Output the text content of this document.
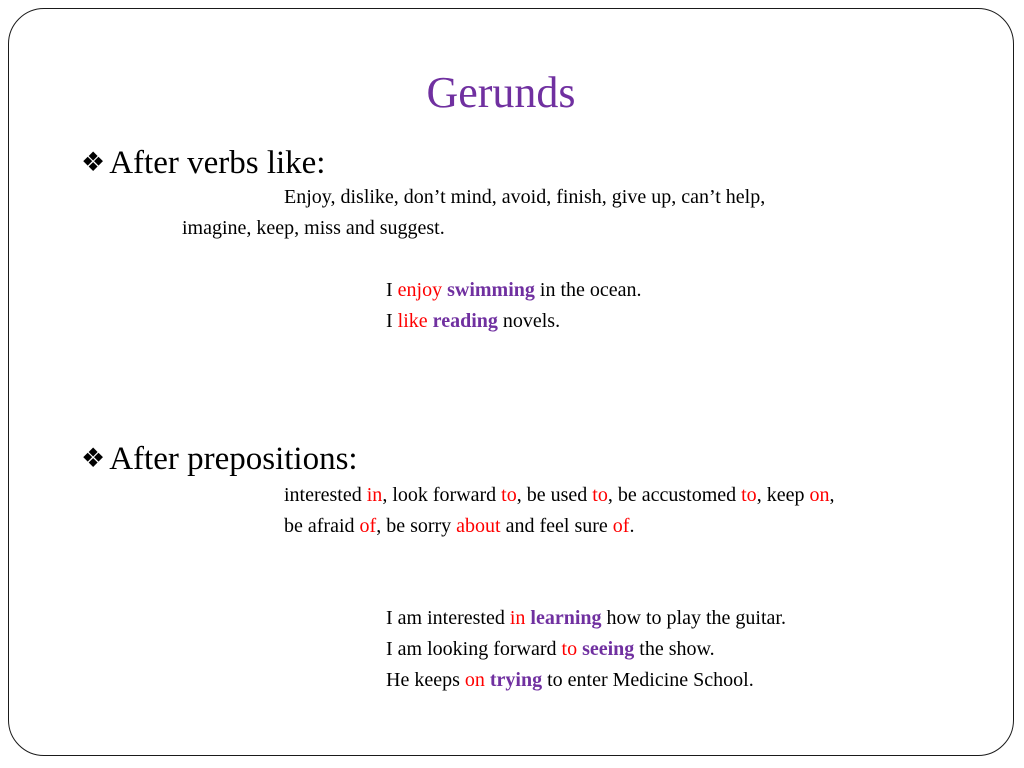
Gerunds
❖ After verbs like:
Enjoy, dislike, don’t mind, avoid, finish, give up, can’t help,
imagine, keep, miss and suggest.
I enjoy swimming in the ocean.
I like reading novels.
❖ After prepositions:
interested in, look forward to, be used to, be accustomed to, keep on,
be afraid of, be sorry about and feel sure of.
I am interested in learning how to play the guitar.
I am looking forward to seeing the show.
He keeps on trying to enter Medicine School.
